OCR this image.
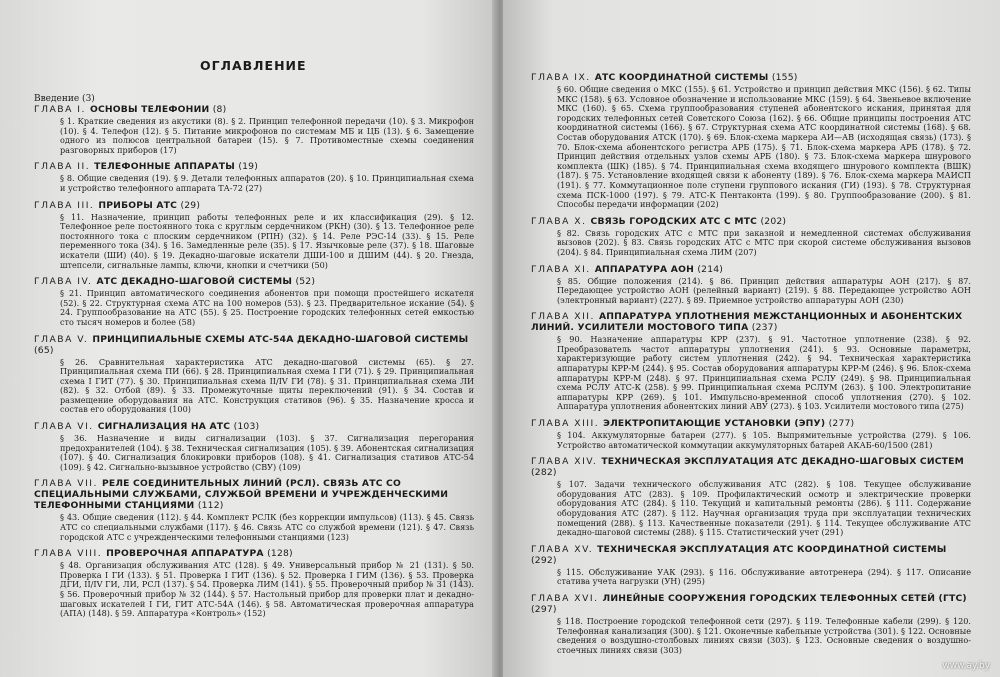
ОГЛАВЛЕНИЕ
Введение (3)
ГЛАВА I. ОСНОВЫ ТЕЛЕФОНИИ (8)
§ 1. Краткие сведения из акустики (8). § 2. Принцип телефонной передачи (10). § 3. Микрофон (10). § 4. Телефон (12). § 5. Питание микрофонов по системам МБ и ЦБ (13). § 6. Замещение одного из полюсов центральной батареи (15). § 7. Противоместные схемы соединения разговорных приборов (17)
ГЛАВА II. ТЕЛЕФОННЫЕ АППАРАТЫ (19)
§ 8. Общие сведения (19). § 9. Детали телефонных аппаратов (20). § 10. Принципиальная схема и устройство телефонного аппарата ТА-72 (27)
ГЛАВА III. ПРИБОРЫ АТС (29)
§ 11. Назначение, принцип работы телефонных реле и их классификация (29). § 12. Телефонное реле постоянного тока с круглым сердечником (РКН) (30). § 13. Телефонное реле постоянного тока с плоским сердечником (РПН) (32). § 14. Реле РЭС-14 (33). § 15. Реле переменного тока (34). § 16. Замедленные реле (35). § 17. Язычковые реле (37). § 18. Шаговые искатели (ШИ) (40). § 19. Декадно-шаговые искатели ДШИ-100 и ДШИМ (44). § 20. Гнезда, штепсели, сигнальные лампы, ключи, кнопки и счетчики (50)
ГЛАВА IV. АТС ДЕКАДНО-ШАГОВОЙ СИСТЕМЫ (52)
§ 21. Принцип автоматического соединения абонентов при помощи простейшего искателя (52). § 22. Структурная схема АТС на 100 номеров (53). § 23. Предварительное искание (54). § 24. Группообразование на АТС (55). § 25. Построение городских телефонных сетей емкостью сто тысяч номеров и более (58)
ГЛАВА V. ПРИНЦИПИАЛЬНЫЕ СХЕМЫ АТС-54А ДЕКАДНО-ШАГОВОЙ СИСТЕМЫ (65)
§ 26. Сравнительная характеристика АТС декадно-шаговой системы (65). § 27. Принципиальная схема ПИ (66). § 28. Принципиальная схема I ГИ (71). § 29. Принципиальная схема I ГИТ (77). § 30. Принципиальная схема II/IV ГИ (78). § 31. Принципиальная схема ЛИ (82). § 32. Отбой (89). § 33. Промежуточные щиты переключений (91). § 34. Состав и размещение оборудования на АТС. Конструкция стативов (96). § 35. Назначение кросса и состав его оборудования (100)
ГЛАВА VI. СИГНАЛИЗАЦИЯ НА АТС (103)
§ 36. Назначение и виды сигнализации (103). § 37. Сигнализация перегорания предохранителей (104). § 38. Техническая сигнализация (105). § 39. Абонентская сигнализация (107). § 40. Сигнализация блокировки приборов (108). § 41. Сигнализация стативов АТС-54 (109). § 42. Сигнально-вызывное устройство (СВУ) (109)
ГЛАВА VII. РЕЛЕ СОЕДИНИТЕЛЬНЫХ ЛИНИЙ (РСЛ). СВЯЗЬ АТС СО СПЕЦИАЛЬНЫМИ СЛУЖБАМИ, СЛУЖБОЙ ВРЕМЕНИ И УЧРЕЖДЕНЧЕСКИМИ ТЕЛЕФОННЫМИ СТАНЦИЯМИ (112)
§ 43. Общие сведения (112). § 44. Комплект РСЛК (без коррекции импульсов) (113). § 45. Связь АТС со специальными службами (117). § 46. Связь АТС со службой времени (121). § 47. Связь городской АТС с учрежденческими телефонными станциями (123)
ГЛАВА VIII. ПРОВЕРОЧНАЯ АППАРАТУРА (128)
§ 48. Организация обслуживания АТС (128). § 49. Универсальный прибор № 21 (131). § 50. Проверка I ГИ (133). § 51. Проверка I ГИТ (136). § 52. Проверка I ГИМ (136). § 53. Проверка ДГИ, II/IV ГИ, ЛИ, РСЛ (137). § 54. Проверка ЛИМ (141). § 55. Проверочный прибор № 31 (143). § 56. Проверочный прибор № 32 (144). § 57. Настольный прибор для проверки плат и декадно-шаговых искателей I ГИ, ГИТ АТС-54А (146). § 58. Автоматическая проверочная аппаратура (АПА) (148). § 59. Аппаратура «Контроль» (152)
ГЛАВА IX. АТС КООРДИНАТНОЙ СИСТЕМЫ (155)
§ 60. Общие сведения о МКС (155). § 61. Устройство и принцип действия МКС (156). § 62. Типы МКС (158). § 63. Условное обозначение и использование МКС (159). § 64. Звеньевое включение МКС (160). § 65. Схема группообразования ступеней абонентского искания, принятая для городских телефонных сетей Советского Союза (162). § 66. Общие принципы построения АТС координатной системы (166). § 67. Структурная схема АТС координатной системы (168). § 68. Состав оборудования АТСК (170). § 69. Блок-схема маркера АИ—АВ (исходящая связь) (173). § 70. Блок-схема абонентского регистра АРБ (175). § 71. Блок-схема маркера АРБ (178). § 72. Принцип действия отдельных узлов схемы АРБ (180). § 73. Блок-схема маркера шнурового комплекта (ШК) (185). § 74. Принципиальная схема входящего шнурового комплекта (ВШК) (187). § 75. Установление входящей связи к абоненту (189). § 76. Блок-схема маркера МАИСП (191). § 77. Коммутационное поле ступени группового искания (ГИ) (193). § 78. Структурная схема ПСК-1000 (197). § 79. АТС-К Пентаконта (199). § 80. Группообразование (200). § 81. Способы передачи информации (202)
ГЛАВА X. СВЯЗЬ ГОРОДСКИХ АТС С МТС (202)
§ 82. Связь городских АТС с МТС при заказной и немедленной системах обслуживания вызовов (202). § 83. Связь городских АТС с МТС при скорой системе обслуживания вызовов (204). § 84. Принципиальная схема ЛИМ (207)
ГЛАВА XI. АППАРАТУРА АОН (214)
§ 85. Общие положения (214). § 86. Принцип действия аппаратуры АОН (217). § 87. Передающее устройство АОН (релейный вариант) (219). § 88. Передающее устройство АОН (электронный вариант) (227). § 89. Приемное устройство аппаратуры АОН (230)
ГЛАВА XII. АППАРАТУРА УПЛОТНЕНИЯ МЕЖСТАНЦИОННЫХ И АБОНЕНТСКИХ ЛИНИЙ. УСИЛИТЕЛИ МОСТОВОГО ТИПА (237)
§ 90. Назначение аппаратуры КРР (237). § 91. Частотное уплотнение (238). § 92. Преобразователь частот аппаратуры уплотнения (241). § 93. Основные параметры, характеризующие работу систем уплотнения (242). § 94. Техническая характеристика аппаратуры КРР-М (244). § 95. Состав оборудования аппаратуры КРР-М (246). § 96. Блок-схема аппаратуры КРР-М (248). § 97. Принципиальная схема РСЛУ (249). § 98. Принципиальная схема РСЛУ АТС-К (258). § 99. Принципиальная схема РСЛУМ (263). § 100. Электропитание аппаратуры КРР (269). § 101. Импульсно-временной способ уплотнения (270). § 102. Аппаратура уплотнения абонентских линий АВУ (273). § 103. Усилители мостового типа (275)
ГЛАВА XIII. ЭЛЕКТРОПИТАЮЩИЕ УСТАНОВКИ (ЭПУ) (277)
§ 104. Аккумуляторные батареи (277). § 105. Выпрямительные устройства (279). § 106. Устройство автоматической коммутации аккумуляторных батарей АКАБ-60/1500 (281)
ГЛАВА XIV. ТЕХНИЧЕСКАЯ ЭКСПЛУАТАЦИЯ АТС ДЕКАДНО-ШАГОВЫХ СИСТЕМ (282)
§ 107. Задачи технического обслуживания АТС (282). § 108. Текущее обслуживание оборудования АТС (283). § 109. Профилактический осмотр и электрические проверки оборудования АТС (284). § 110. Текущий и капитальный ремонты (286). § 111. Содержание оборудования АТС (287). § 112. Научная организация труда при эксплуатации технических помещений (288). § 113. Качественные показатели (291). § 114. Текущее обслуживание АТС декадно-шаговой системы (288). § 115. Статистический учет (291)
ГЛАВА XV. ТЕХНИЧЕСКАЯ ЭКСПЛУАТАЦИЯ АТС КООРДИНАТНОЙ СИСТЕМЫ (292)
§ 115. Обслуживание УАК (293). § 116. Обслуживание автотренера (294). § 117. Описание статива учета нагрузки (УН) (295)
ГЛАВА XVI. ЛИНЕЙНЫЕ СООРУЖЕНИЯ ГОРОДСКИХ ТЕЛЕФОННЫХ СЕТЕЙ (ГТС) (297)
§ 118. Построение городской телефонной сети (297). § 119. Телефонные кабели (299). § 120. Телефонная канализация (300). § 121. Оконечные кабельные устройства (301). § 122. Основные сведения о воздушно-столбовых линиях связи (303). § 123. Основные сведения о воздушно-стоечных линиях связи (303)
www.ay.by
